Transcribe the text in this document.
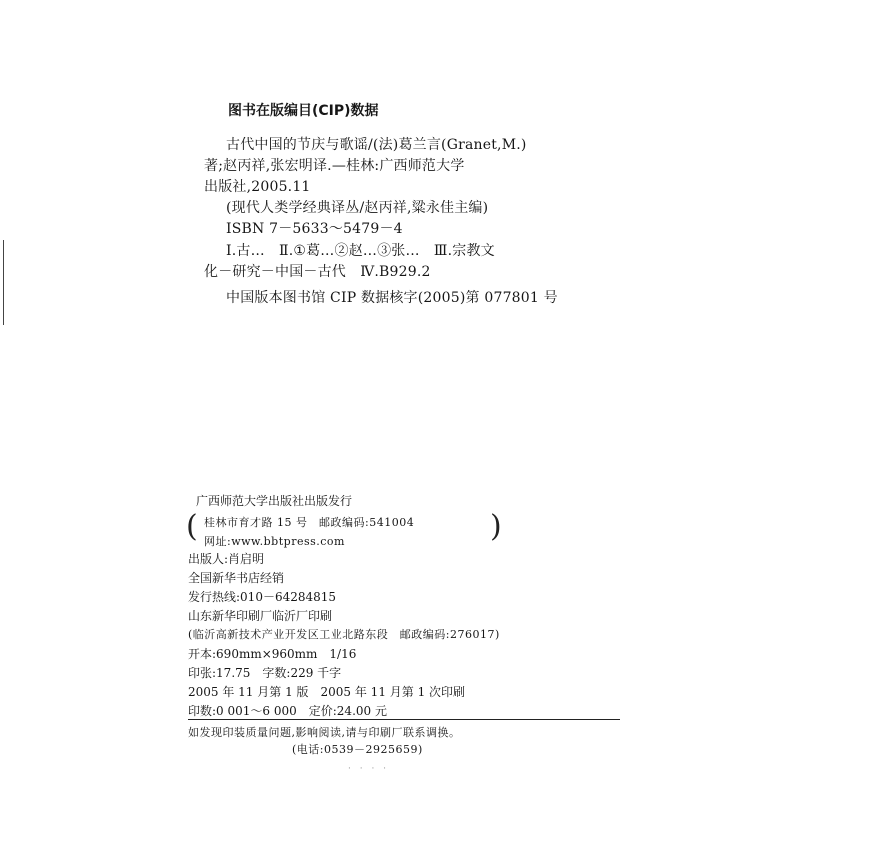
图书在版编目(CIP)数据
古代中国的节庆与歌谣/(法)葛兰言(Granet,M.)
著;赵丙祥,张宏明译.—桂林:广西师范大学
出版社,2005.11
(现代人类学经典译丛/赵丙祥,粱永佳主编)
ISBN 7－5633～5479－4
Ⅰ.古…　Ⅱ.①葛…②赵…③张…　Ⅲ.宗教文
化－研究－中国－古代　Ⅳ.B929.2
中国版本图书馆 CIP 数据核字(2005)第 077801 号
广西师范大学出版社出版发行
( 桂林市育才路 15 号　邮政编码:541004
网址:www.bbtpress.com	)
出版人:肖启明
全国新华书店经销
发行热线:010－64284815
山东新华印刷厂临沂厂印刷
(临沂高新技术产业开发区工业北路东段　邮政编码:276017)
开本:690mm×960mm　1/16
印张:17.75　字数:229 千字
2005 年 11 月第 1 版　2005 年 11 月第 1 次印刷
印数:0 001～6 000　定价:24.00 元
如发现印装质量问题,影响阅读,请与印刷厂联系调换。
(电话:0539－2925659)
· · · ·
